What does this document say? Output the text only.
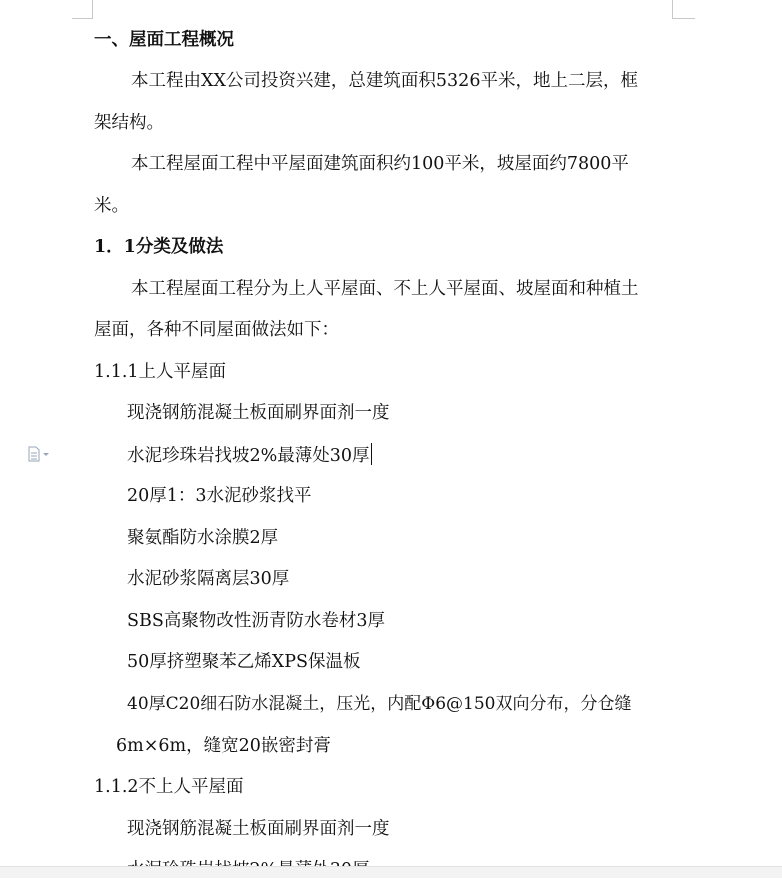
一、屋面工程概况
本工程由XX公司投资兴建，总建筑面积5326平米，地上二层，框
架结构。
本工程屋面工程中平屋面建筑面积约100平米，坡屋面约7800平
米。
1．1分类及做法
本工程屋面工程分为上人平屋面、不上人平屋面、坡屋面和种植土
屋面，各种不同屋面做法如下：
1.1.1上人平屋面
现浇钢筋混凝土板面刷界面剂一度
水泥珍珠岩找坡2%最薄处30厚
20厚1：3水泥砂浆找平
聚氨酯防水涂膜2厚
水泥砂浆隔离层30厚
SBS高聚物改性沥青防水卷材3厚
50厚挤塑聚苯乙烯XPS保温板
40厚C20细石防水混凝土，压光，内配Φ6@150双向分布，分仓缝
6m×6m，缝宽20嵌密封膏
1.1.2不上人平屋面
现浇钢筋混凝土板面刷界面剂一度
